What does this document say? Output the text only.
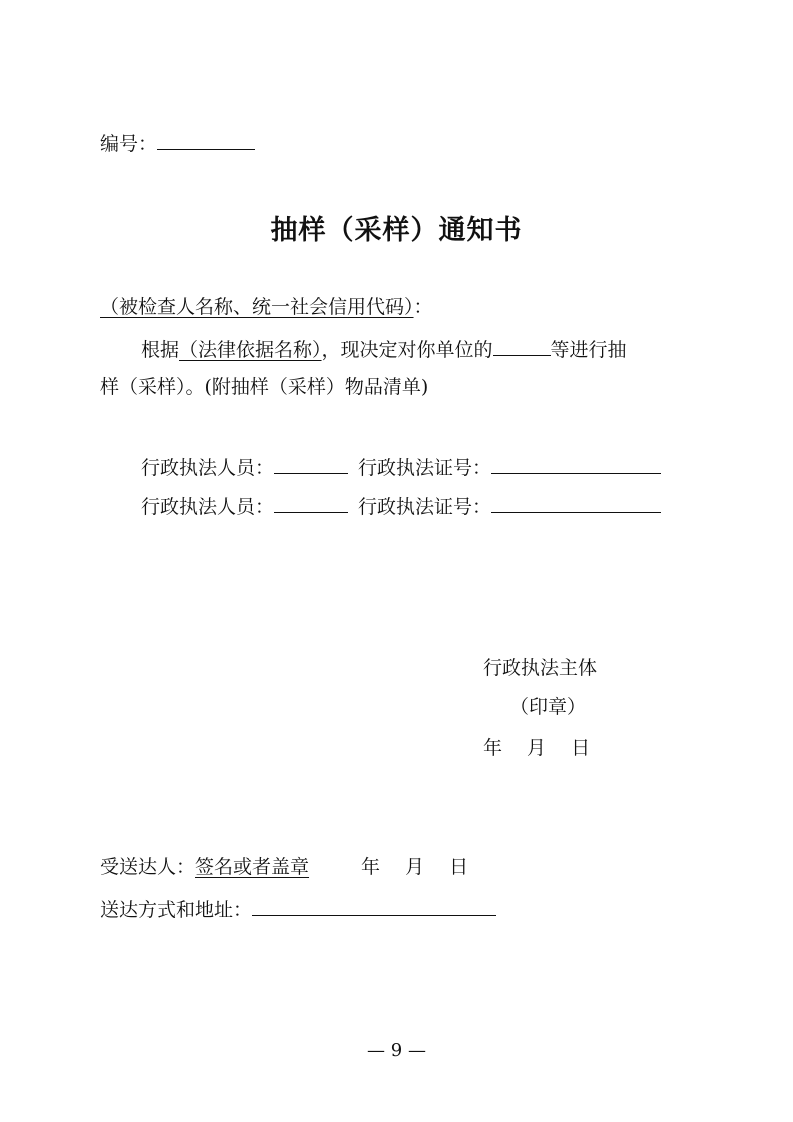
编号：
抽样（采样）通知书
（被检查人名称、统一社会信用代码）：
根据（法律依据名称），现决定对你单位的	等进行抽
样（采样）。(附抽样（采样）物品清单)
行政执法人员：	行政执法证号：
行政执法人员：	行政执法证号：
行政执法主体
（印章）
年　 月　 日
受送达人：签名或者盖章	年　 月　 日
送达方式和地址：
— 9 —
